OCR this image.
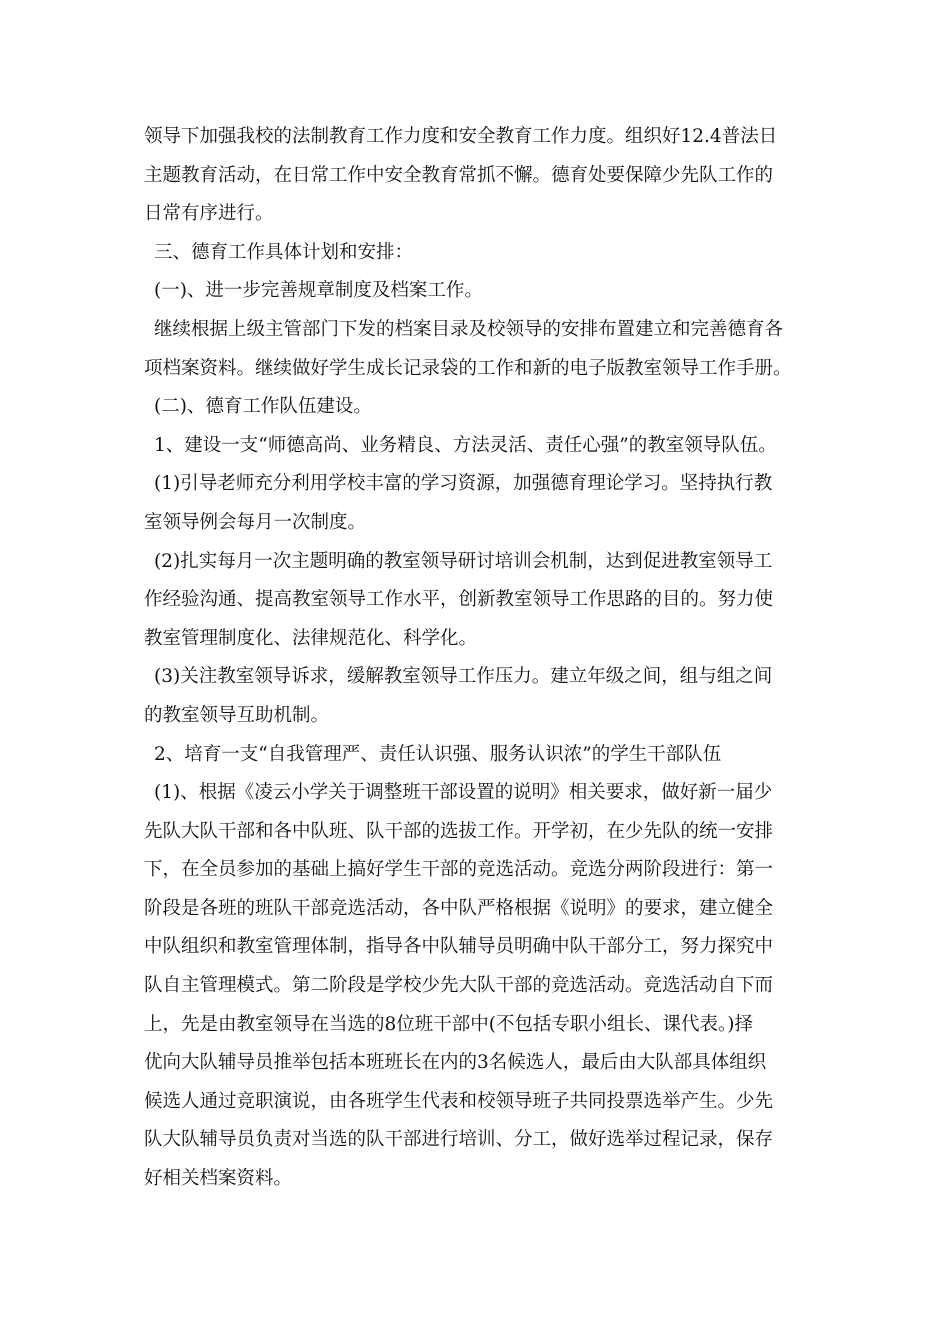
领导下加强我校的法制教育工作力度和安全教育工作力度。组织好12.4普法日
主题教育活动，在日常工作中安全教育常抓不懈。德育处要保障少先队工作的
日常有序进行。
三、德育工作具体计划和安排：
(一)、进一步完善规章制度及档案工作。
继续根据上级主管部门下发的档案目录及校领导的安排布置建立和完善德育各
项档案资料。继续做好学生成长记录袋的工作和新的电子版教室领导工作手册。
(二)、德育工作队伍建设。
1、建设一支“师德高尚、业务精良、方法灵活、责任心强”的教室领导队伍。
(1)引导老师充分利用学校丰富的学习资源，加强德育理论学习。坚持执行教
室领导例会每月一次制度。
(2)扎实每月一次主题明确的教室领导研讨培训会机制，达到促进教室领导工
作经验沟通、提高教室领导工作水平，创新教室领导工作思路的目的。努力使
教室管理制度化、法律规范化、科学化。
(3)关注教室领导诉求，缓解教室领导工作压力。建立年级之间，组与组之间
的教室领导互助机制。
2、培育一支“自我管理严、责任认识强、服务认识浓”的学生干部队伍
(1)、根据《凌云小学关于调整班干部设置的说明》相关要求，做好新一届少
先队大队干部和各中队班、队干部的选拔工作。开学初，在少先队的统一安排
下，在全员参加的基础上搞好学生干部的竞选活动。竞选分两阶段进行：第一
阶段是各班的班队干部竞选活动，各中队严格根据《说明》的要求，建立健全
中队组织和教室管理体制，指导各中队辅导员明确中队干部分工，努力探究中
队自主管理模式。第二阶段是学校少先大队干部的竞选活动。竞选活动自下而
上，先是由教室领导在当选的8位班干部中(不包括专职小组长、课代表。)择
优向大队辅导员推举包括本班班长在内的3名候选人，最后由大队部具体组织
候选人通过竞职演说，由各班学生代表和校领导班子共同投票选举产生。少先
队大队辅导员负责对当选的队干部进行培训、分工，做好选举过程记录，保存
好相关档案资料。
